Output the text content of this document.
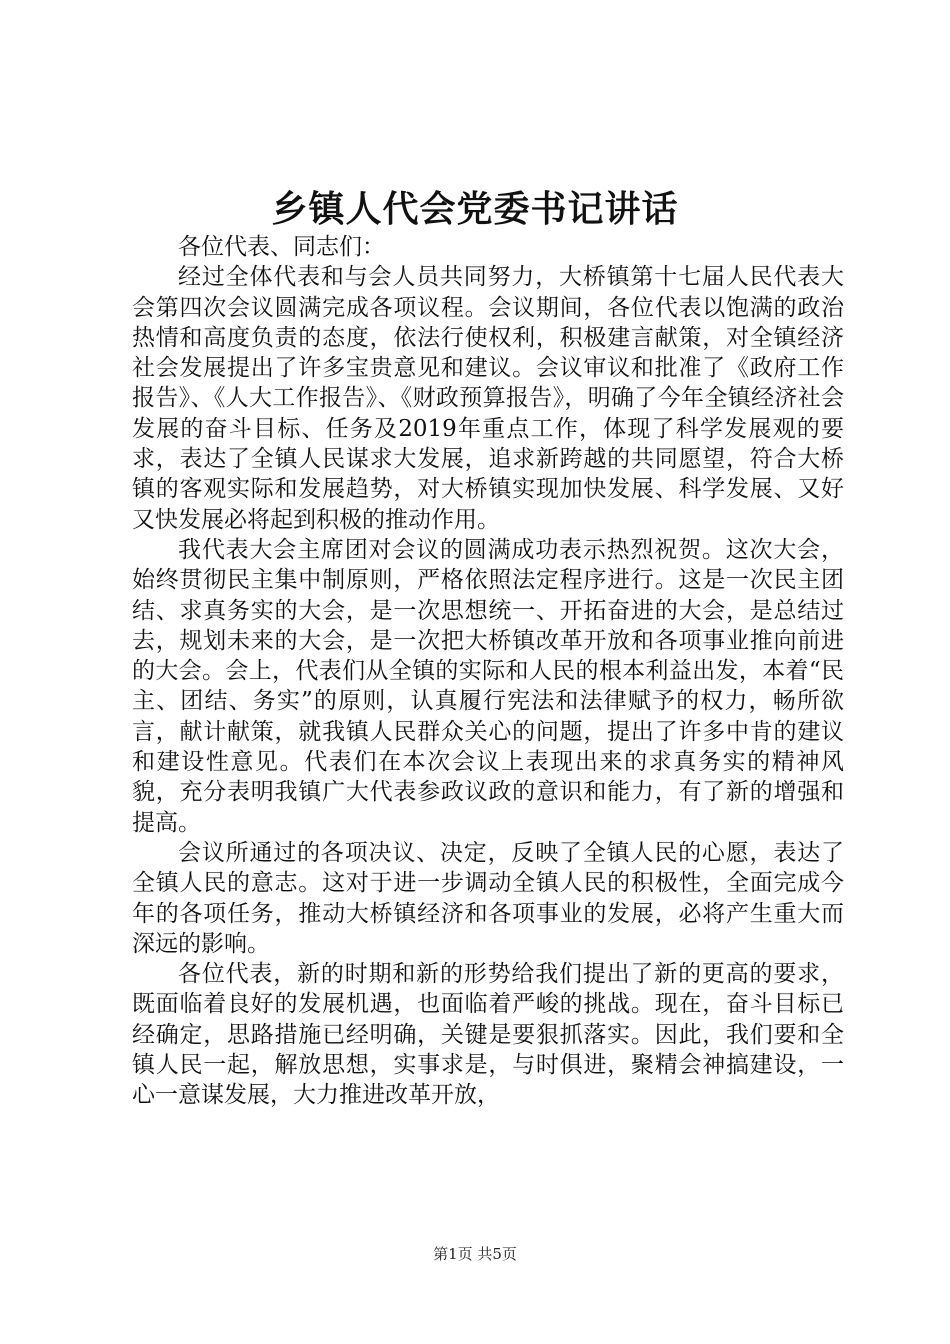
乡镇人代会党委书记讲话

各位代表、同志们：

经过全体代表和与会人员共同努力，大桥镇第十七届人民代表大会第四次会议圆满完成各项议程。会议期间，各位代表以饱满的政治热情和高度负责的态度，依法行使权利，积极建言献策，对全镇经济社会发展提出了许多宝贵意见和建议。会议审议和批准了《政府工作报告》、《人大工作报告》、《财政预算报告》，明确了今年全镇经济社会发展的奋斗目标、任务及2019年重点工作，体现了科学发展观的要求，表达了全镇人民谋求大发展，追求新跨越的共同愿望，符合大桥镇的客观实际和发展趋势，对大桥镇实现加快发展、科学发展、又好又快发展必将起到积极的推动作用。

我代表大会主席团对会议的圆满成功表示热烈祝贺。这次大会，始终贯彻民主集中制原则，严格依照法定程序进行。这是一次民主团结、求真务实的大会，是一次思想统一、开拓奋进的大会，是总结过去，规划未来的大会，是一次把大桥镇改革开放和各项事业推向前进的大会。会上，代表们从全镇的实际和人民的根本利益出发，本着“民主、团结、务实”的原则，认真履行宪法和法律赋予的权力，畅所欲言，献计献策，就我镇人民群众关心的问题，提出了许多中肯的建议和建设性意见。代表们在本次会议上表现出来的求真务实的精神风貌，充分表明我镇广大代表参政议政的意识和能力，有了新的增强和提高。

会议所通过的各项决议、决定，反映了全镇人民的心愿，表达了全镇人民的意志。这对于进一步调动全镇人民的积极性，全面完成今年的各项任务，推动大桥镇经济和各项事业的发展，必将产生重大而深远的影响。

各位代表，新的时期和新的形势给我们提出了新的更高的要求，既面临着良好的发展机遇，也面临着严峻的挑战。现在，奋斗目标已经确定，思路措施已经明确，关键是要狠抓落实。因此，我们要和全镇人民一起，解放思想，实事求是，与时俱进，聚精会神搞建设，一心一意谋发展，大力推进改革开放，

第1页 共5页
